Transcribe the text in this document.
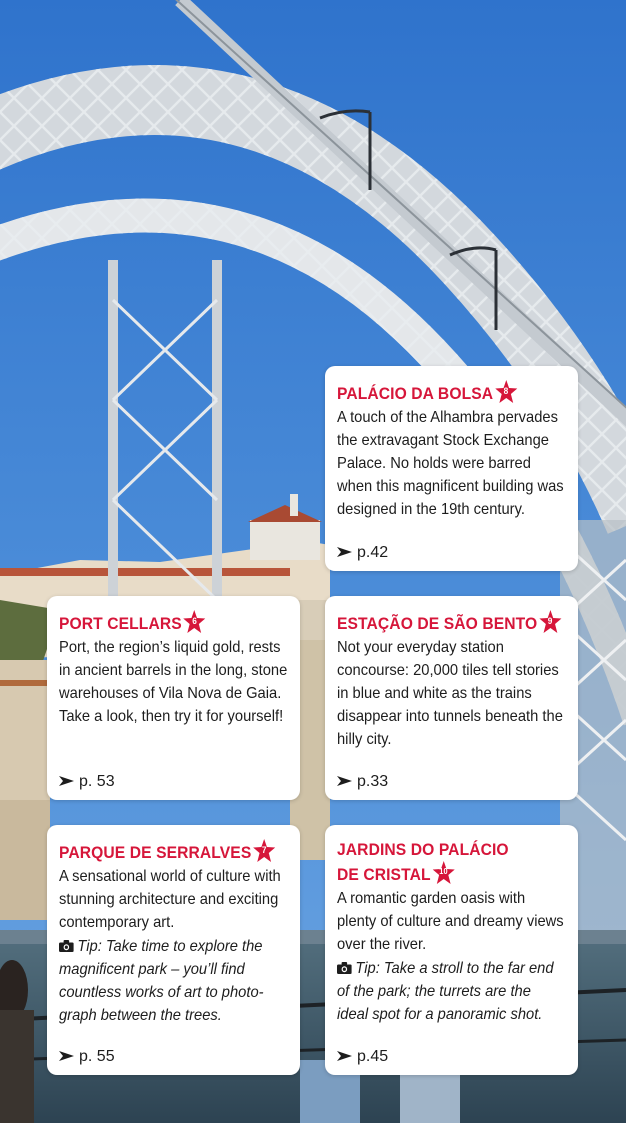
PALÁCIO DA BOLSA	8
A touch of the Alhambra pervades the extravagant Stock Exchange Palace. No holds were barred when this magnificent building was designed in the 19th century.
p.42
PORT CELLARS	6
Port, the region’s liquid gold, rests in ancient barrels in the long, stone warehouses of Vila Nova de Gaia. Take a look, then try it for yourself!
p. 53
ESTAÇÃO DE SÃO BENTO	9
Not your everyday station concourse: 20,000 tiles tell stories in blue and white as the trains disappear into tunnels beneath the hilly city.
p.33
PARQUE DE SERRALVES	7
A sensational world of culture with stunning architecture and exciting contemporary art.
Tip: Take time to explore the magnificent park – you’ll find countless works of art to photo-graph between the trees.
p. 55
JARDINS DO PALÁCIO
DE CRISTAL	10
A romantic garden oasis with plenty of culture and dreamy views over the river.
Tip: Take a stroll to the far end of the park; the turrets are the ideal spot for a panoramic shot.
p.45
